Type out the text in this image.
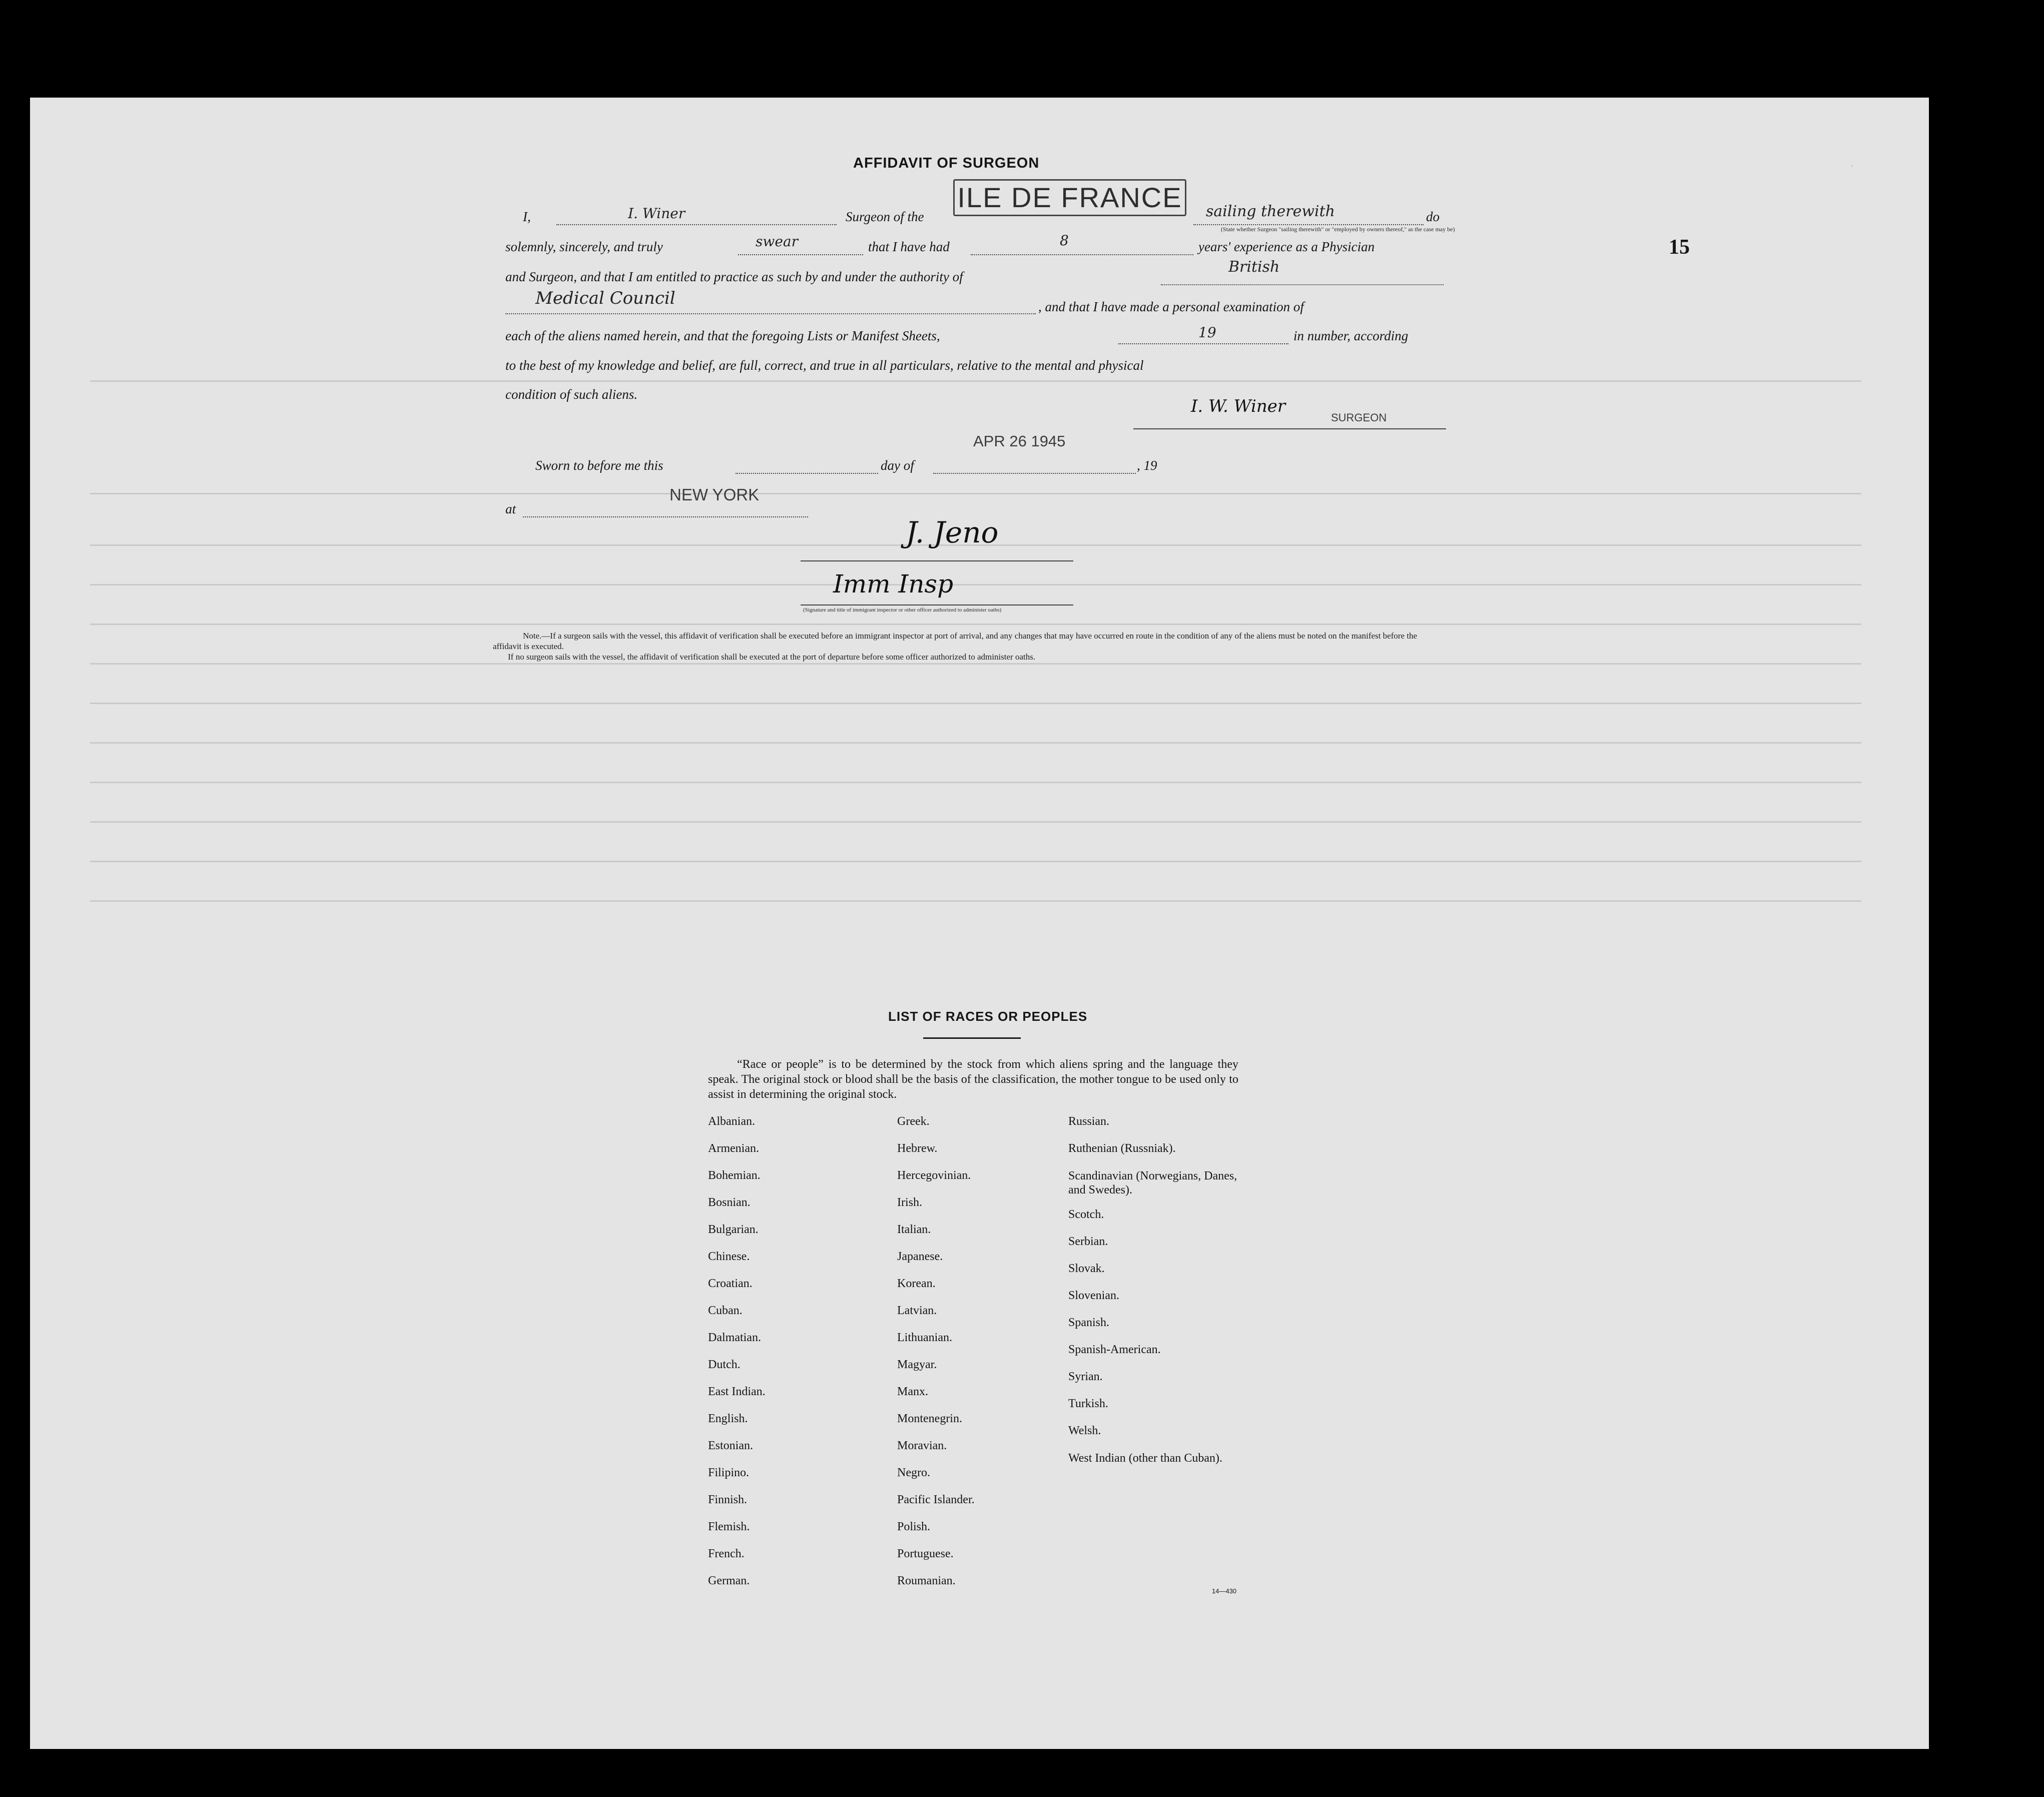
AFFIDAVIT OF SURGEON
15
I,	I. Winer	Surgeon of the
ILE DE FRANCE sailing therewith	do
(State whether Surgeon "sailing therewith" or "employed by owners thereof," as the case may be)
solemnly, sincerely, and truly	swear	that I have had	8	years' experience as a Physician
and Surgeon, and that I am entitled to practice as such by and under the authority of
British
Medical Council	, and that I have made a personal examination of
each of the aliens named herein, and that the foregoing Lists or Manifest Sheets,	19	in number, according
to the best of my knowledge and belief, are full, correct, and true in all particulars, relative to the mental and physical
condition of such aliens.
I. W. Winer
SURGEON
APR 26 1945
Sworn to before me this	day of	, 19
at
NEW YORK
J. Jeno
Imm Insp
(Signature and title of immigrant inspector or other officer authorized to administer oaths)

Note.—If a surgeon sails with the vessel, this affidavit of verification shall be executed before an immigrant inspector at port of arrival, and any changes that may have occurred en route in the condition of any of the aliens must be noted on the manifest before the affidavit is executed.

If no surgeon sails with the vessel, the affidavit of verification shall be executed at the port of departure before some officer authorized to administer oaths.

LIST OF RACES OR PEOPLES
“Race or people” is to be determined by the stock from which aliens spring and the language they speak. The original stock or blood shall be the basis of the classification, the mother tongue to be used only to assist in determining the original stock.
Albanian.
Armenian.
Bohemian.
Bosnian.
Bulgarian.
Chinese.
Croatian.
Cuban.
Dalmatian.
Dutch.
East Indian.
English.
Estonian.
Filipino.
Finnish.
Flemish.
French.
German.
Greek.
Hebrew.
Hercegovinian.
Irish.
Italian.
Japanese.
Korean.
Latvian.
Lithuanian.
Magyar.
Manx.
Montenegrin.
Moravian.
Negro.
Pacific Islander.
Polish.
Portuguese.
Roumanian.
Russian.
Ruthenian (Russniak).
Scandinavian (Norwegians, Danes, and Swedes).
Scotch.
Serbian.
Slovak.
Slovenian.
Spanish.
Spanish-American.
Syrian.
Turkish.
Welsh.
West Indian (other than Cuban).
14—430
